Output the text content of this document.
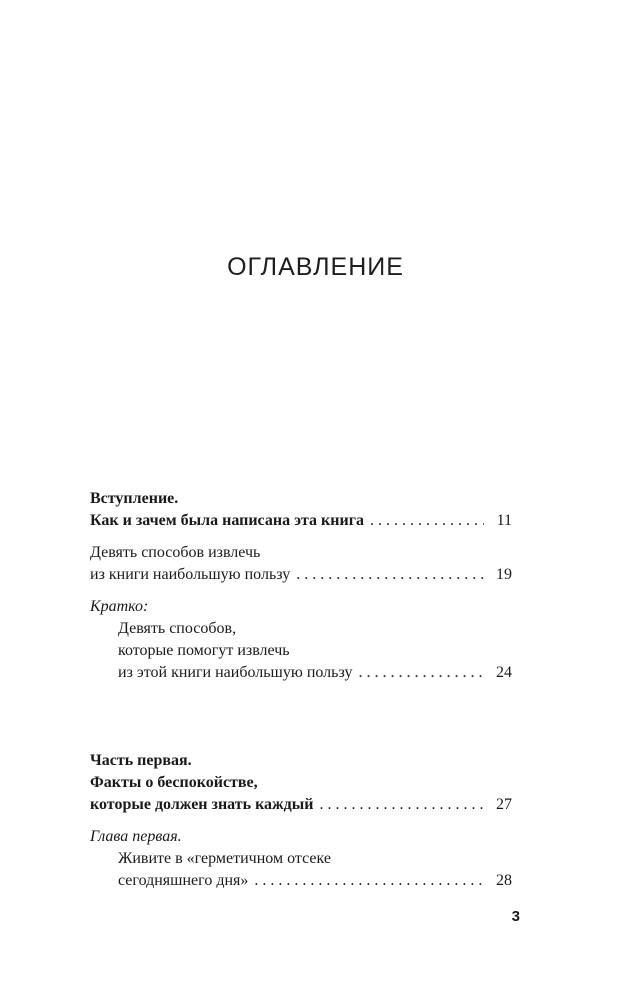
ОГЛАВЛЕНИЕ
Вступление.
Как и зачем была написана эта книга . . .	11
Девять способов извлечь
из книги наибольшую пользу . . .	19
Кратко:
Девять способов,
которые помогут извлечь
из этой книги наибольшую пользу . . .	24
Часть первая.
Факты о беспокойстве,
которые должен знать каждый . . .	27
Глава первая.
Живите в «герметичном отсеке
сегодняшнего дня» . . .	28
3
